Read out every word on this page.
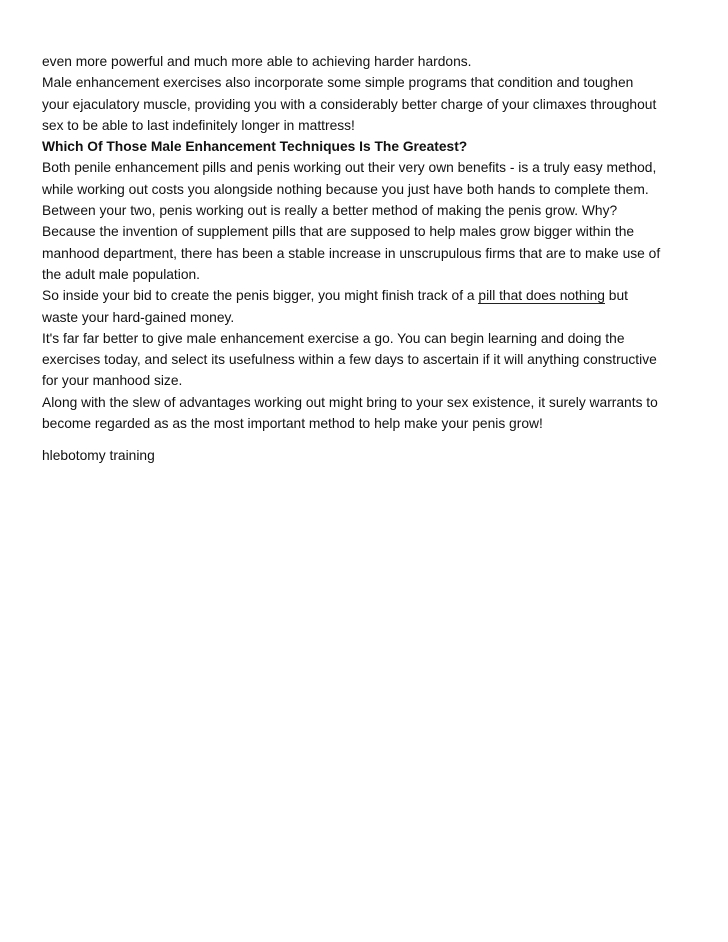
even more powerful and much more able to achieving harder hardons.
Male enhancement exercises also incorporate some simple programs that condition and toughen
your ejaculatory muscle, providing you with a considerably better charge of your climaxes throughout
sex to be able to last indefinitely longer in mattress!
Which Of Those Male Enhancement Techniques Is The Greatest?
Both penile enhancement pills and penis working out their very own benefits - is a truly easy method,
while working out costs you alongside nothing because you just have both hands to complete them.
Between your two, penis working out is really a better method of making the penis grow. Why?
Because the invention of supplement pills that are supposed to help males grow bigger within the
manhood department, there has been a stable increase in unscrupulous firms that are to make use of
the adult male population.
So inside your bid to create the penis bigger, you might finish track of a pill that does nothing but
waste your hard-gained money.
It's far far better to give male enhancement exercise a go. You can begin learning and doing the
exercises today, and select its usefulness within a few days to ascertain if it will anything constructive
for your manhood size.
Along with the slew of advantages working out might bring to your sex existence, it surely warrants to
become regarded as as the most important method to help make your penis grow!
hlebotomy training
